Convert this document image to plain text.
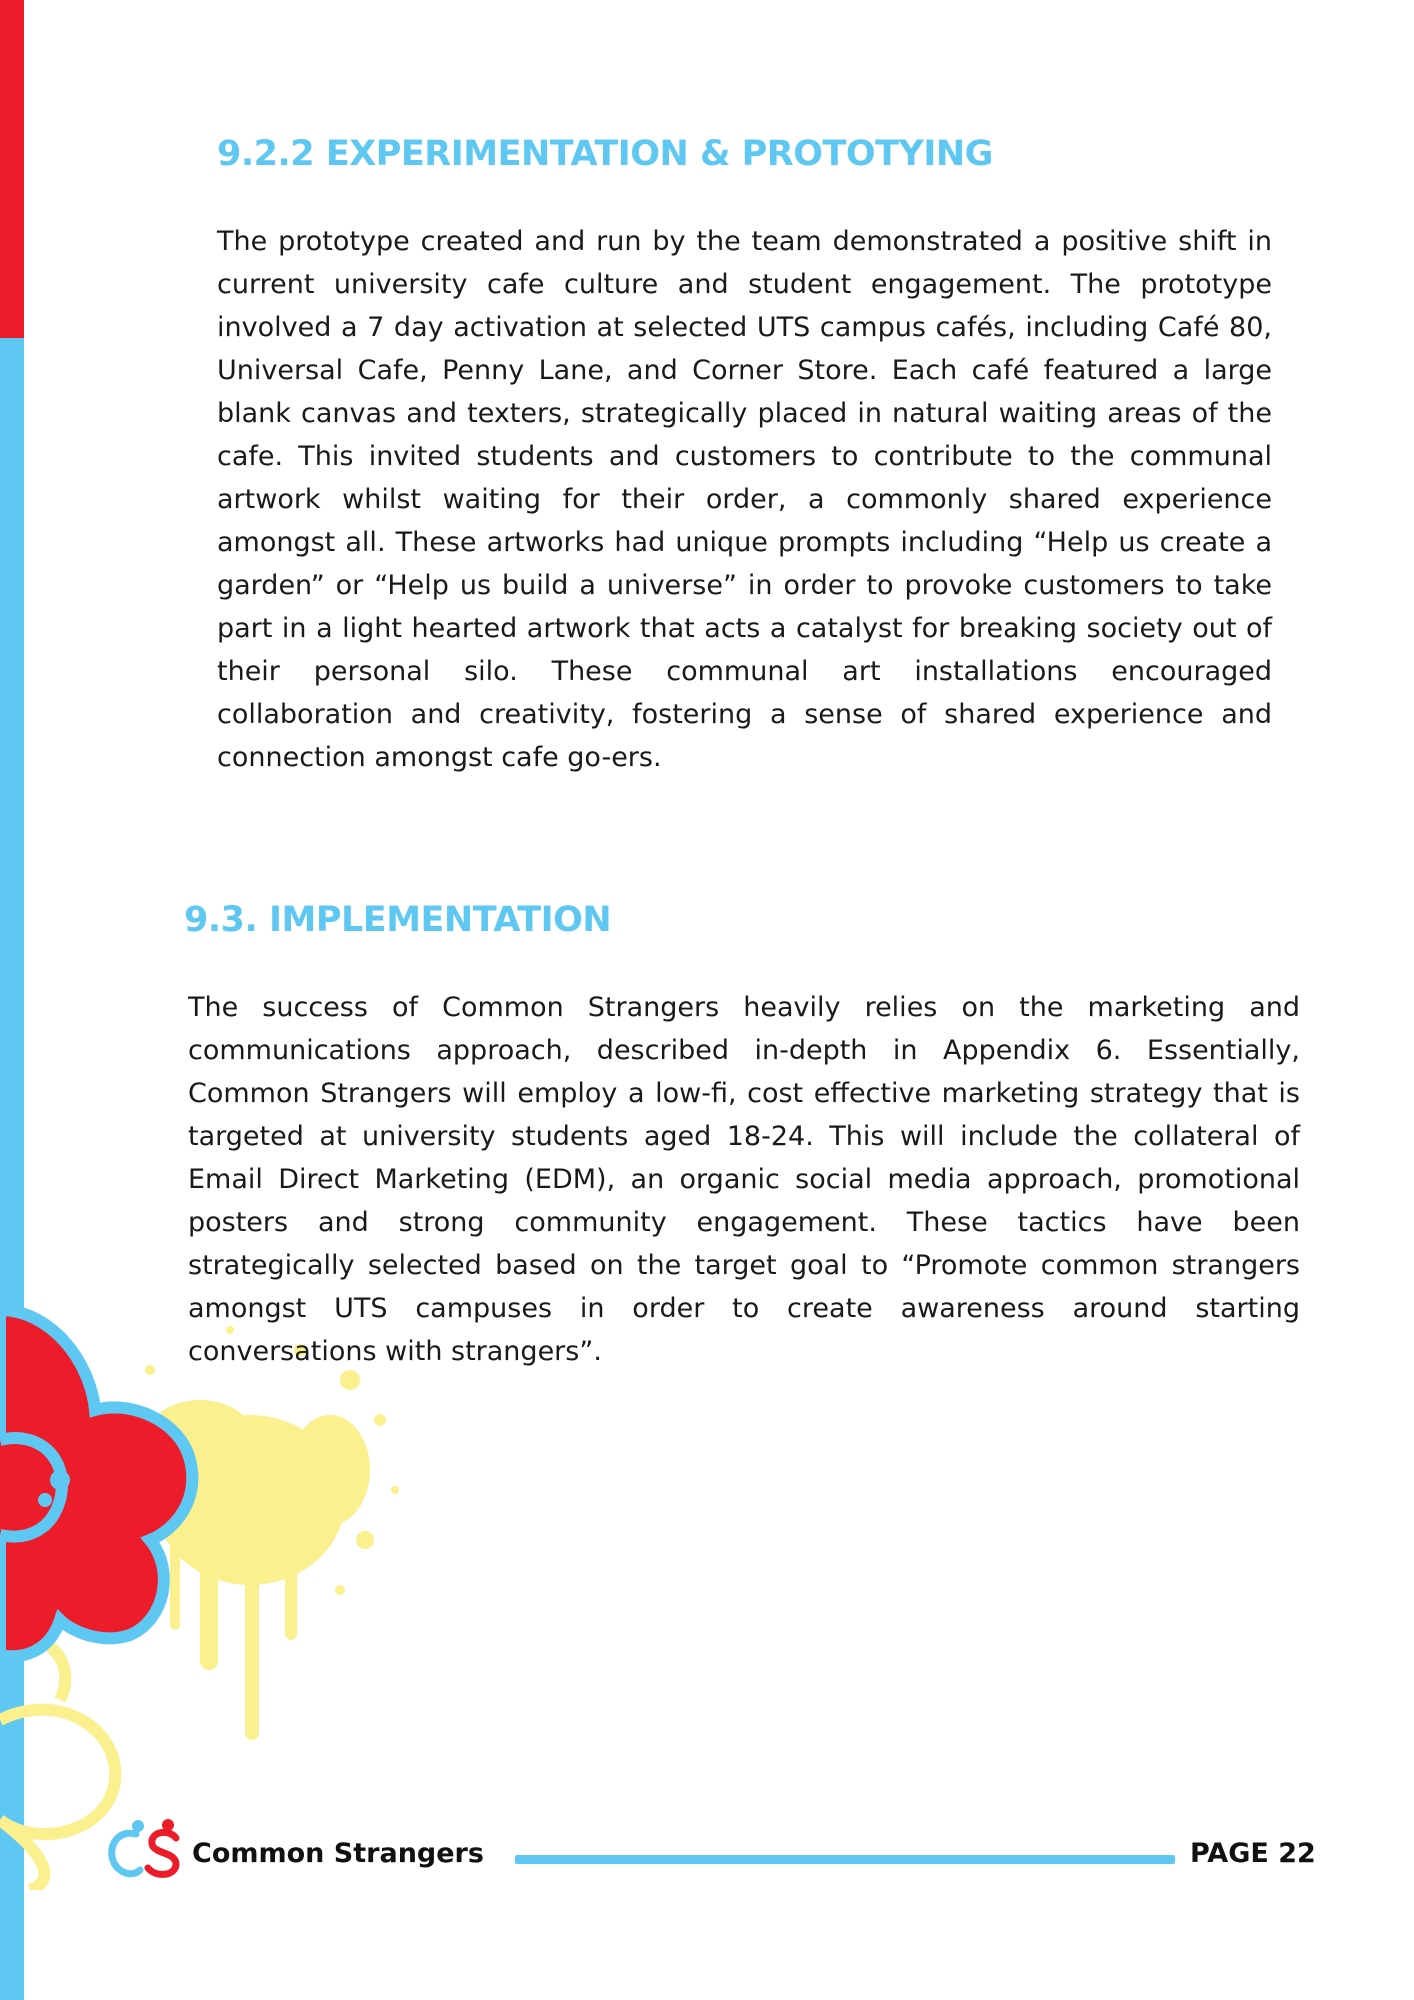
9.2.2 EXPERIMENTATION & PROTOTYING

The prototype created and run by the team demonstrated a positive shift in current university cafe culture and student engagement. The prototype involved a 7 day activation at selected UTS campus cafés, including Café 80, Universal Cafe, Penny Lane, and Corner Store. Each café featured a large blank canvas and texters, strategically placed in natural waiting areas of the cafe. This invited students and customers to contribute to the communal artwork whilst waiting for their order, a commonly shared experience amongst all. These artworks had unique prompts including “Help us create a garden” or “Help us build a universe” in order to provoke customers to take part in a light hearted artwork that acts a catalyst for breaking society out of their personal silo. These communal art installations encouraged collaboration and creativity, fostering a sense of shared experience and connection amongst cafe go-ers.

9.3. IMPLEMENTATION

The success of Common Strangers heavily relies on the marketing and communications approach, described in-depth in Appendix 6. Essentially, Common Strangers will employ a low-fi, cost effective marketing strategy that is targeted at university students aged 18-24. This will include the collateral of Email Direct Marketing (EDM), an organic social media approach, promotional posters and strong community engagement. These tactics have been strategically selected based on the target goal to “Promote common strangers amongst UTS campuses in order to create awareness around starting conversations with strangers”.

Common Strangers	PAGE 22
